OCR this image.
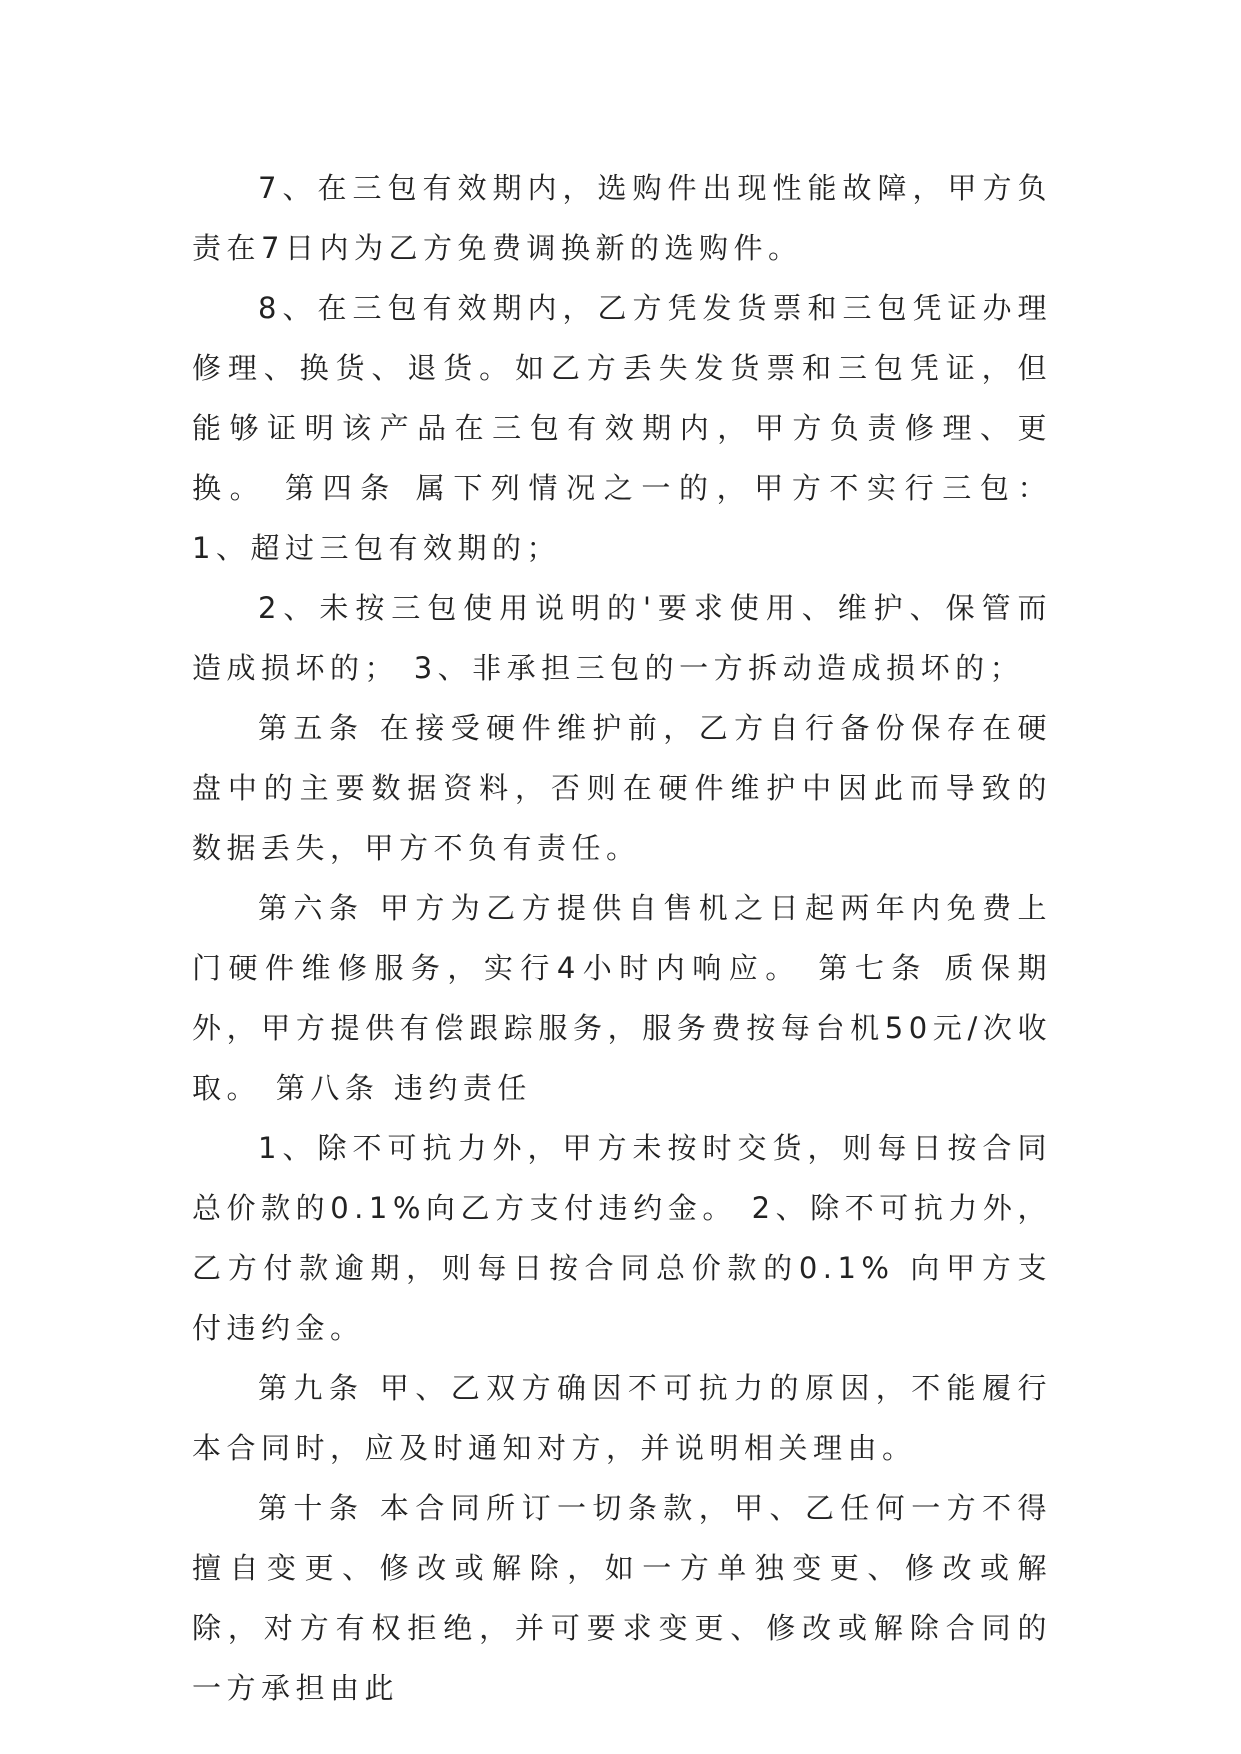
7、在三包有效期内，选购件出现性能故障，甲方负责在7日内为乙方免费调换新的选购件。

8、在三包有效期内，乙方凭发货票和三包凭证办理修理、换货、退货。如乙方丢失发货票和三包凭证，但能够证明该产品在三包有效期内，甲方负责修理、更换。 第四条 属下列情况之一的，甲方不实行三包： 1、超过三包有效期的；

2、未按三包使用说明的'要求使用、维护、保管而造成损坏的； 3、非承担三包的一方拆动造成损坏的；

第五条 在接受硬件维护前，乙方自行备份保存在硬盘中的主要数据资料，否则在硬件维护中因此而导致的数据丢失，甲方不负有责任。

第六条 甲方为乙方提供自售机之日起两年内免费上门硬件维修服务，实行4小时内响应。 第七条 质保期外，甲方提供有偿跟踪服务，服务费按每台机50元/次收取。 第八条 违约责任

1、除不可抗力外，甲方未按时交货，则每日按合同总价款的0.1%向乙方支付违约金。 2、除不可抗力外，乙方付款逾期，则每日按合同总价款的0.1% 向甲方支付违约金。

第九条 甲、乙双方确因不可抗力的原因，不能履行本合同时，应及时通知对方，并说明相关理由。

第十条 本合同所订一切条款，甲、乙任何一方不得擅自变更、修改或解除，如一方单独变更、修改或解除，对方有权拒绝，并可要求变更、修改或解除合同的一方承担由此
